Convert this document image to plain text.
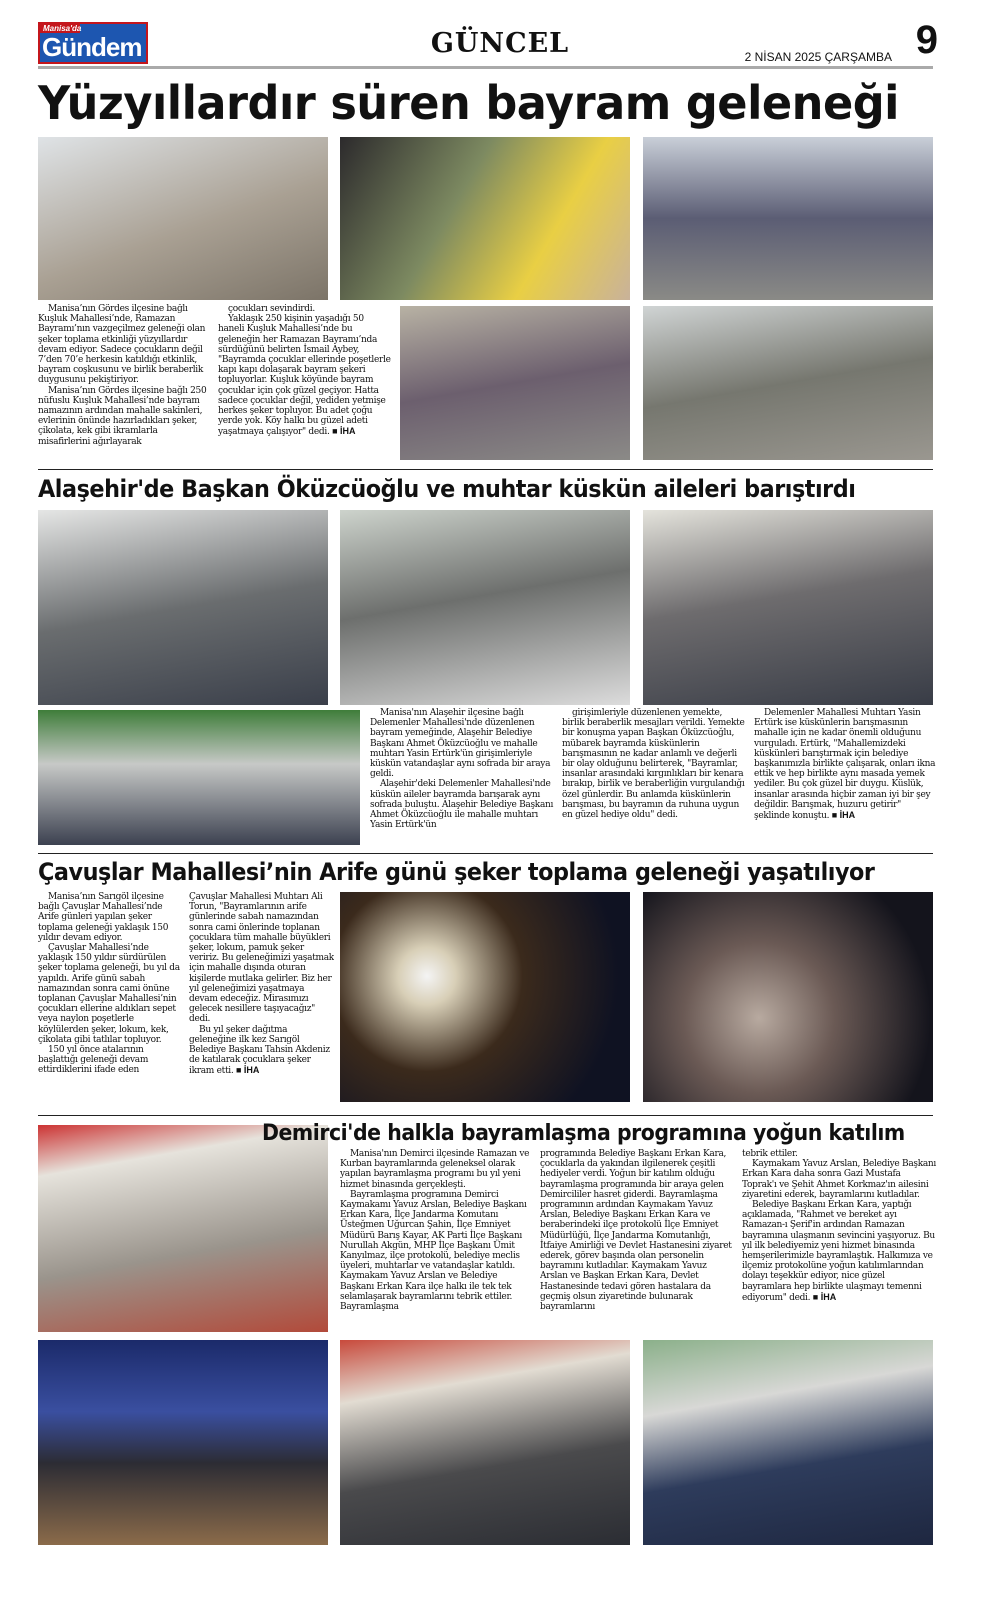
Manisa'da
Gündem	GÜNCEL	2 NİSAN 2025 ÇARŞAMBA 9
Yüzyıllardır süren bayram geleneği

Manisa’nın Gördes ilçesine bağlı Kuşluk Mahallesi’nde, Ramazan Bayramı’nın vazgeçilmez geleneği olan şeker toplama etkinliği yüzyıllardır devam ediyor. Sadece çocukların değil 7’den 70’e herkesin katıldığı etkinlik, bayram coşkusunu ve birlik beraberlik duygusunu pekiştiriyor.

Manisa’nın Gördes ilçesine bağlı 250 nüfuslu Kuşluk Mahallesi’nde bayram namazının ardından mahalle sakinleri, evlerinin önünde hazırladıkları şeker, çikolata, kek gibi ikramlarla misafirlerini ağırlayarak

çocukları sevindirdi.

Yaklaşık 250 kişinin yaşadığı 50 haneli Kuşluk Mahallesi’nde bu geleneğin her Ramazan Bayramı’nda sürdüğünü belirten İsmail Aybey, "Bayramda çocuklar ellerinde poşetlerle kapı kapı dolaşarak bayram şekeri topluyorlar. Kuşluk köyünde bayram çocuklar için çok güzel geçiyor. Hatta sadece çocuklar değil, yediden yetmişe herkes şeker topluyor. Bu adet çoğu yerde yok. Köy halkı bu güzel adeti yaşatmaya çalışıyor" dedi. ■ İHA

Alaşehir'de Başkan Öküzcüoğlu ve muhtar küskün aileleri barıştırdı

Manisa'nın Alaşehir ilçesine bağlı Delemenler Mahallesi'nde düzenlenen bayram yemeğinde, Alaşehir Belediye Başkanı Ahmet Öküzcüoğlu ve mahalle muhtarı Yasin Ertürk'ün girişimleriyle küskün vatandaşlar aynı sofrada bir araya geldi.

Alaşehir'deki Delemenler Mahallesi'nde küskün aileler bayramda barışarak aynı sofrada buluştu. Alaşehir Belediye Başkanı Ahmet Öküzcüoğlu ile mahalle muhtarı Yasin Ertürk'ün

girişimleriyle düzenlenen yemekte, birlik beraberlik mesajları verildi. Yemekte bir konuşma yapan Başkan Öküzcüoğlu, mübarek bayramda küskünlerin barışmasının ne kadar anlamlı ve değerli bir olay olduğunu belirterek, "Bayramlar, insanlar arasındaki kırgınlıkları bir kenara bırakıp, birlik ve beraberliğin vurgulandığı özel günlerdir. Bu anlamda küskünlerin barışması, bu bayramın da ruhuna uygun en güzel hediye oldu" dedi.

Delemenler Mahallesi Muhtarı Yasin Ertürk ise küskünlerin barışmasının mahalle için ne kadar önemli olduğunu vurguladı. Ertürk, "Mahallemizdeki küskünleri barıştırmak için belediye başkanımızla birlikte çalışarak, onları ikna ettik ve hep birlikte aynı masada yemek yediler. Bu çok güzel bir duygu. Küslük, insanlar arasında hiçbir zaman iyi bir şey değildir. Barışmak, huzuru getirir" şeklinde konuştu. ■ İHA

Çavuşlar Mahallesi’nin Arife günü şeker toplama geleneği yaşatılıyor

Manisa’nın Sarıgöl ilçesine bağlı Çavuşlar Mahallesi’nde Arife günleri yapılan şeker toplama geleneği yaklaşık 150 yıldır devam ediyor.

Çavuşlar Mahallesi’nde yaklaşık 150 yıldır sürdürülen şeker toplama geleneği, bu yıl da yapıldı. Arife günü sabah namazından sonra cami önüne toplanan Çavuşlar Mahallesi’nin çocukları ellerine aldıkları sepet veya naylon poşetlerle köylülerden şeker, lokum, kek, çikolata gibi tatlılar topluyor.

150 yıl önce atalarının başlattığı geleneği devam ettirdiklerini ifade eden

Çavuşlar Mahallesi Muhtarı Ali Torun, "Bayramlarının arife günlerinde sabah namazından sonra cami önlerinde toplanan çocuklara tüm mahalle büyükleri şeker, lokum, pamuk şeker veririz. Bu geleneğimizi yaşatmak için mahalle dışında oturan kişilerde mutlaka gelirler. Biz her yıl geleneğimizi yaşatmaya devam edeceğiz. Mirasımızı gelecek nesillere taşıyacağız" dedi.

Bu yıl şeker dağıtma geleneğine ilk kez Sarıgöl Belediye Başkanı Tahsin Akdeniz de katılarak çocuklara şeker ikram etti. ■ İHA

Demirci'de halkla bayramlaşma programına yoğun katılım

Manisa'nın Demirci ilçesinde Ramazan ve Kurban bayramlarında geleneksel olarak yapılan bayramlaşma programı bu yıl yeni hizmet binasında gerçekleşti.

Bayramlaşma programına Demirci Kaymakamı Yavuz Arslan, Belediye Başkanı Erkan Kara, İlçe Jandarma Komutanı Üsteğmen Uğurcan Şahin, İlçe Emniyet Müdürü Barış Kayar, AK Parti İlçe Başkanı Nurullah Akgün, MHP İlçe Başkanı Ümit Kanyılmaz, ilçe protokolü, belediye meclis üyeleri, muhtarlar ve vatandaşlar katıldı. Kaymakam Yavuz Arslan ve Belediye Başkanı Erkan Kara ilçe halkı ile tek tek selamlaşarak bayramlarını tebrik ettiler. Bayramlaşma

programında Belediye Başkanı Erkan Kara, çocuklarla da yakından ilgilenerek çeşitli hediyeler verdi. Yoğun bir katılım olduğu bayramlaşma programında bir araya gelen Demircililer hasret giderdi. Bayramlaşma programının ardından Kaymakam Yavuz Arslan, Belediye Başkanı Erkan Kara ve beraberindeki ilçe protokolü İlçe Emniyet Müdürlüğü, İlçe Jandarma Komutanlığı, İtfaiye Amirliği ve Devlet Hastanesini ziyaret ederek, görev başında olan personelin bayramını kutladılar. Kaymakam Yavuz Arslan ve Başkan Erkan Kara, Devlet Hastanesinde tedavi gören hastalara da geçmiş olsun ziyaretinde bulunarak bayramlarını

tebrik ettiler.

Kaymakam Yavuz Arslan, Belediye Başkanı Erkan Kara daha sonra Gazi Mustafa Toprak'ı ve Şehit Ahmet Korkmaz'ın ailesini ziyaretini ederek, bayramlarını kutladılar.

Belediye Başkanı Erkan Kara, yaptığı açıklamada, "Rahmet ve bereket ayı Ramazan-ı Şerif'in ardından Ramazan bayramına ulaşmanın sevincini yaşıyoruz. Bu yıl ilk belediyemiz yeni hizmet binasında hemşerilerimizle bayramlaştık. Halkımıza ve ilçemiz protokolüne yoğun katılımlarından dolayı teşekkür ediyor, nice güzel bayramlara hep birlikte ulaşmayı temenni ediyorum" dedi. ■ İHA
